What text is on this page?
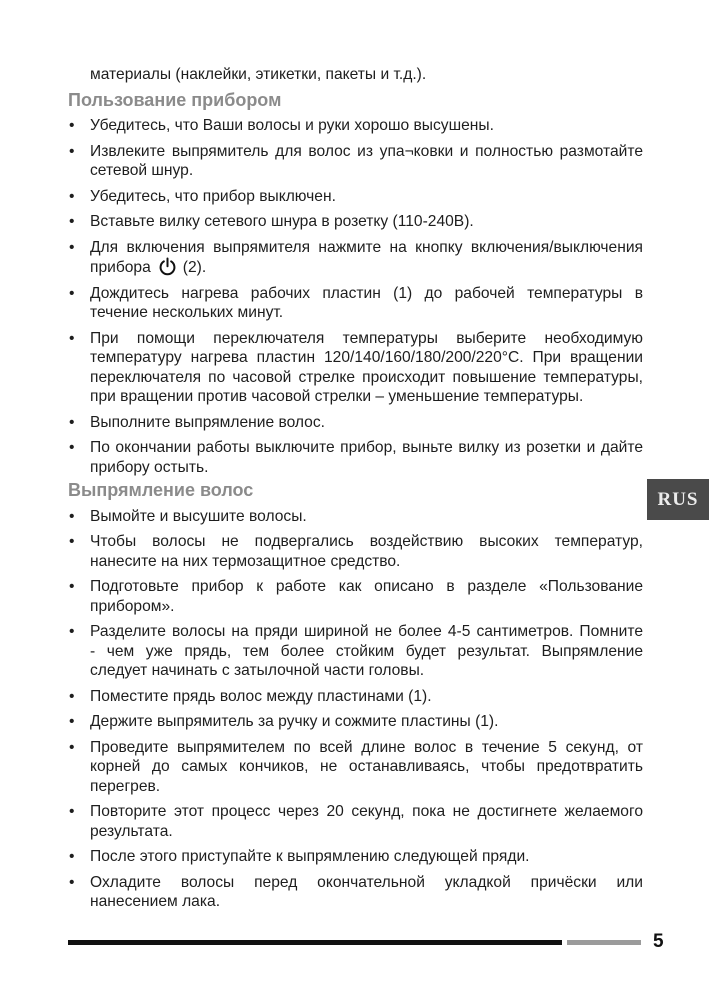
материалы (наклейки, этикетки, пакеты и т.д.).
Пользование прибором
• Убедитесь, что Ваши волосы и руки хорошо высушены.
• Извлеките выпрямитель для волос из упа¬ковки и полностью размотайте
сетевой шнур.
• Убедитесь, что прибор выключен.
• Вставьте вилку сетевого шнура в розетку (110-240В).
• Для включения выпрямителя нажмите на кнопку включения/выключения
прибора (2).
• Дождитесь нагрева рабочих пластин (1) до рабочей температуры в
течение нескольких минут.
• При помощи переключателя температуры выберите необходимую
температуру нагрева пластин 120/140/160/180/200/220°С. При вращении
переключателя по часовой стрелке происходит повышение температуры,
при вращении против часовой стрелки – уменьшение температуры.
• Выполните выпрямление волос.
• По окончании работы выключите прибор, выньте вилку из розетки и дайте
прибору остыть.
Выпрямление волос
• Вымойте и высушите волосы.
• Чтобы волосы не подвергались воздействию высоких температур,
нанесите на них термозащитное средство.
• Подготовьте прибор к работе как описано в разделе «Пользование
прибором».
• Разделите волосы на пряди шириной не более 4-5 сантиметров. Помните
- чем уже прядь, тем более стойким будет результат. Выпрямление
следует начинать с затылочной части головы.
• Поместите прядь волос между пластинами (1).
• Держите выпрямитель за ручку и сожмите пластины (1).
• Проведите выпрямителем по всей длине волос в течение 5 секунд, от
корней до самых кончиков, не останавливаясь, чтобы предотвратить
перегрев.
• Повторите этот процесс через 20 секунд, пока не достигнете желаемого
результата.
• После этого приступайте к выпрямлению следующей пряди.
• Охладите волосы перед окончательной укладкой причёски или
нанесением лака.
RUS
5
